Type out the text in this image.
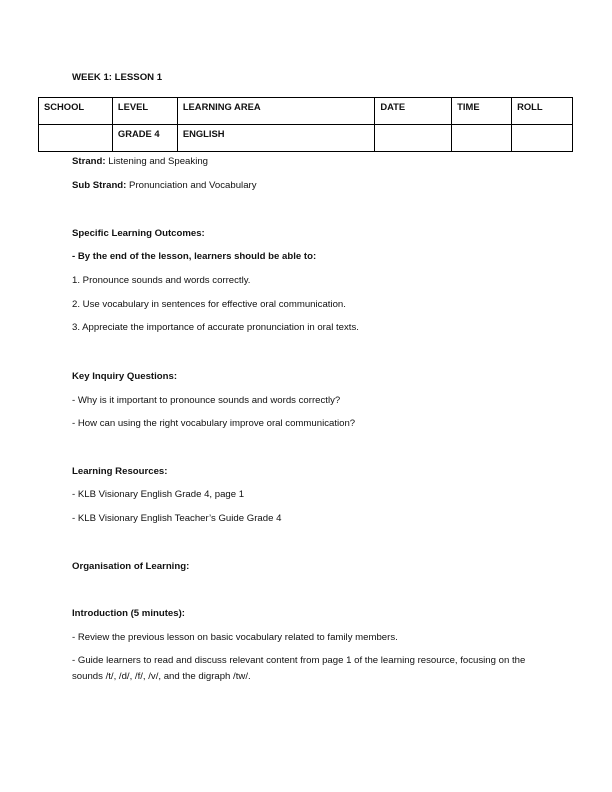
WEEK 1: LESSON 1
SCHOOL	LEVEL	LEARNING AREA	DATE	TIME	ROLL
	GRADE 4	ENGLISH			
Strand: Listening and Speaking
Sub Strand: Pronunciation and Vocabulary
Specific Learning Outcomes:
- By the end of the lesson, learners should be able to:
1. Pronounce sounds and words correctly.
2. Use vocabulary in sentences for effective oral communication.
3. Appreciate the importance of accurate pronunciation in oral texts.
Key Inquiry Questions:
- Why is it important to pronounce sounds and words correctly?
- How can using the right vocabulary improve oral communication?
Learning Resources:
- KLB Visionary English Grade 4, page 1
- KLB Visionary English Teacher’s Guide Grade 4
Organisation of Learning:
Introduction (5 minutes):
- Review the previous lesson on basic vocabulary related to family members.
- Guide learners to read and discuss relevant content from page 1 of the learning resource, focusing on the sounds /t/, /d/, /f/, /v/, and the digraph /tw/.
